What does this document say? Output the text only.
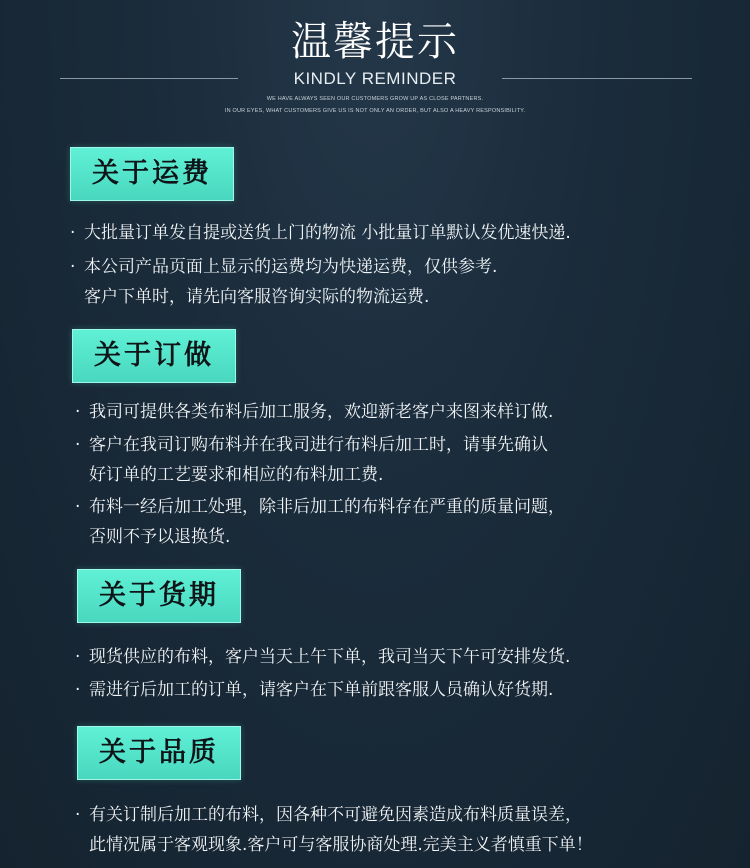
温馨提示
KINDLY REMINDER
WE HAVE ALWAYS SEEN OUR CUSTOMERS GROW UP AS CLOSE PARTNERS.
IN OUR EYES, WHAT CUSTOMERS GIVE US IS NOT ONLY AN ORDER, BUT ALSO A HEAVY RESPONSIBILITY.
关于运费
· 大批量订单发自提或送货上门的物流 小批量订单默认发优速快递.
· 本公司产品页面上显示的运费均为快递运费，仅供参考.
客户下单时，请先向客服咨询实际的物流运费.
关于订做
· 我司可提供各类布料后加工服务，欢迎新老客户来图来样订做.
· 客户在我司订购布料并在我司进行布料后加工时，请事先确认
好订单的工艺要求和相应的布料加工费.
· 布料一经后加工处理，除非后加工的布料存在严重的质量问题，
否则不予以退换货.
关于货期
· 现货供应的布料，客户当天上午下单，我司当天下午可安排发货.
· 需进行后加工的订单，请客户在下单前跟客服人员确认好货期.
关于品质
· 有关订制后加工的布料，因各种不可避免因素造成布料质量误差，
此情况属于客观现象.客户可与客服协商处理.完美主义者慎重下单！
